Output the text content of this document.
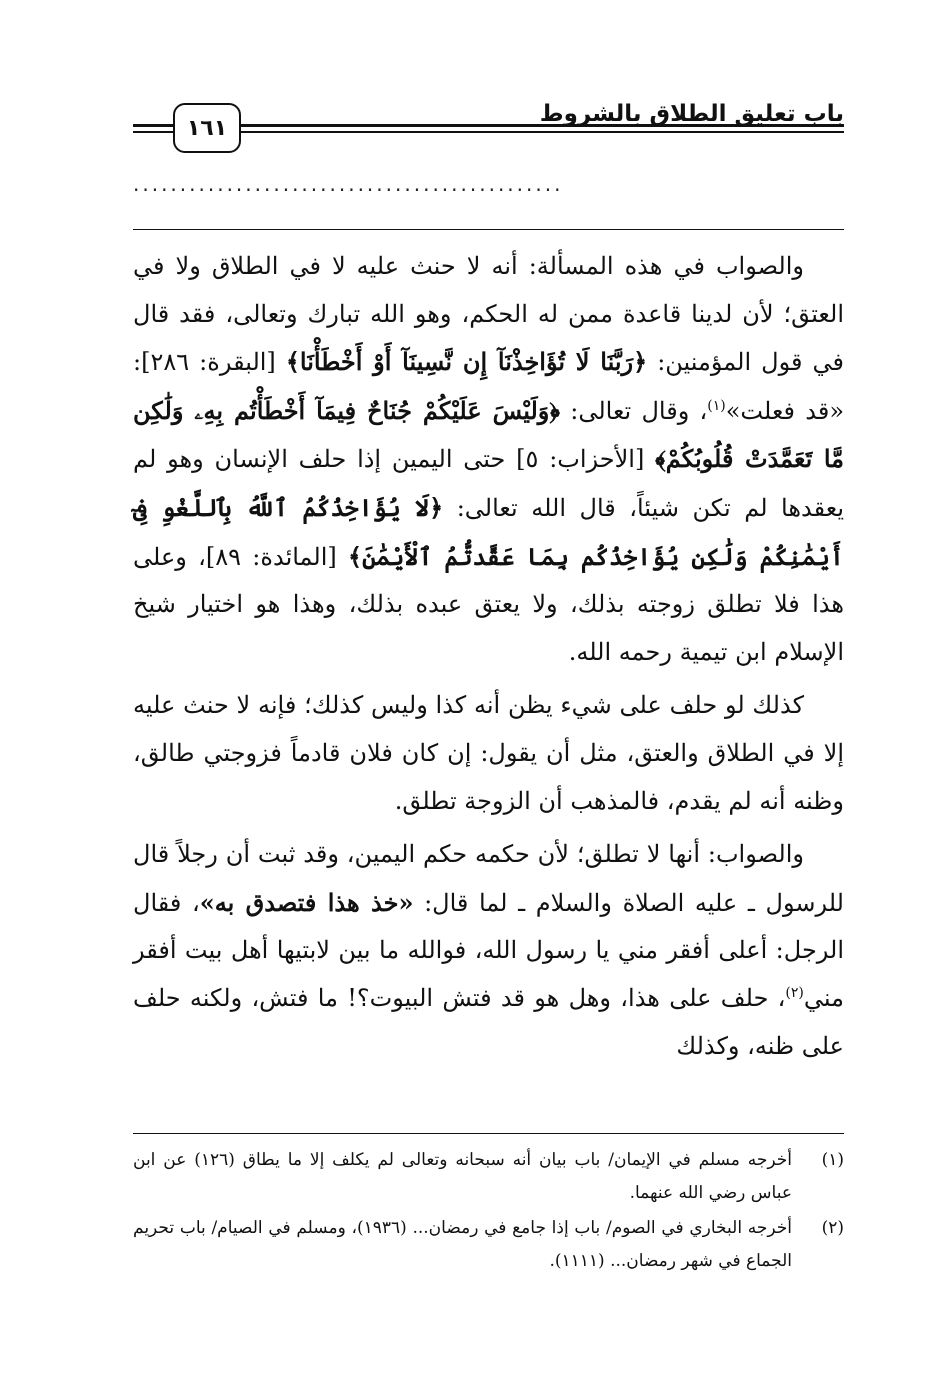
باب تعليق الطلاق بالشروط
١٦١
..............................................

والصواب في هذه المسألة: أنه لا حنث عليه لا في الطلاق ولا في العتق؛ لأن لدينا قاعدة ممن له الحكم، وهو الله تبارك وتعالى، فقد قال في قول المؤمنين: ﴿رَبَّنَا لَا تُؤَاخِذْنَآ إِن نَّسِينَآ أَوْ أَخْطَأْنَا﴾ [البقرة: ٢٨٦]: «قد فعلت»$^{(١)}$، وقال تعالى: ﴿وَلَيْسَ عَلَيْكُمْ جُنَاحٌ فِيمَآ أَخْطَأْتُم بِهِۦ وَلَٰكِن مَّا تَعَمَّدَتْ قُلُوبُكُمْ﴾ [الأحزاب: ٥] حتى اليمين إذا حلف الإنسان وهو لم يعقدها لم تكن شيئاً، قال الله تعالى: ﴿لَا يُؤَاخِذُكُمُ ٱللَّهُ بِٱللَّغْوِ فِىٓ أَيْمَٰنِكُمْ وَلَٰكِن يُؤَاخِذُكُم بِمَا عَقَّدتُّمُ ٱلْأَيْمَٰنَ﴾ [المائدة: ٨٩]، وعلى هذا فلا تطلق زوجته بذلك، ولا يعتق عبده بذلك، وهذا هو اختيار شيخ الإسلام ابن تيمية رحمه الله.

كذلك لو حلف على شيء يظن أنه كذا وليس كذلك؛ فإنه لا حنث عليه إلا في الطلاق والعتق، مثل أن يقول: إن كان فلان قادماً فزوجتي طالق، وظنه أنه لم يقدم، فالمذهب أن الزوجة تطلق.

والصواب: أنها لا تطلق؛ لأن حكمه حكم اليمين، وقد ثبت أن رجلاً قال للرسول ـ عليه الصلاة والسلام ـ لما قال: «خذ هذا فتصدق به»، فقال الرجل: أعلى أفقر مني يا رسول الله، فوالله ما بين لابتيها أهل بيت أفقر مني$^{(٢)}$، حلف على هذا، وهل هو قد فتش البيوت؟! ما فتش، ولكنه حلف على ظنه، وكذلك

(١)
أخرجه مسلم في الإيمان/ باب بيان أنه سبحانه وتعالى لم يكلف إلا ما يطاق (١٢٦) عن ابن عباس رضي الله عنهما.
(٢)
أخرجه البخاري في الصوم/ باب إذا جامع في رمضان... (١٩٣٦)، ومسلم في الصيام/ باب تحريم الجماع في شهر رمضان... (١١١١).
